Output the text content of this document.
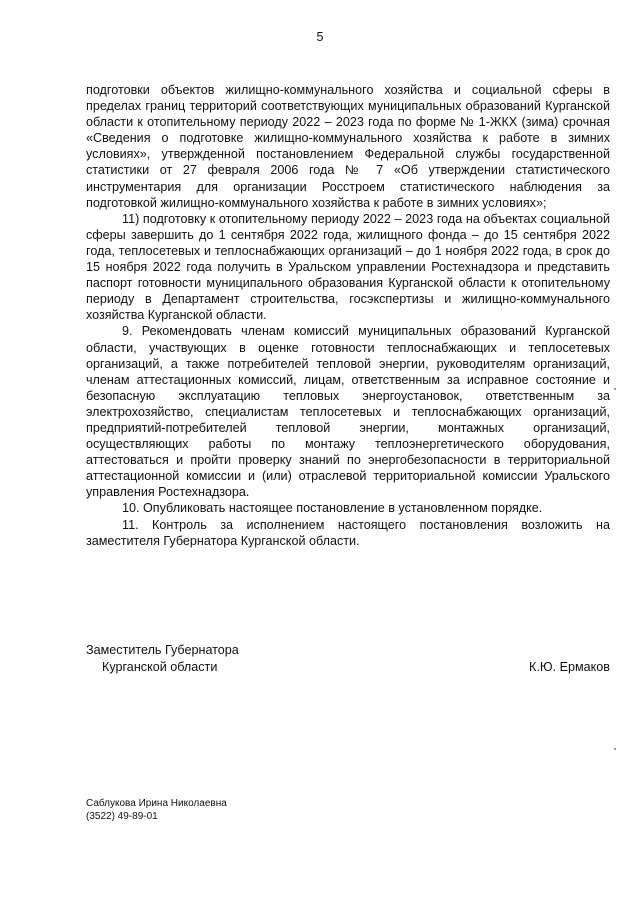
5

подготовки объектов жилищно-коммунального хозяйства и социальной сферы в пределах границ территорий соответствующих муниципальных образований Курганской области к отопительному периоду 2022 – 2023 года по форме № 1-ЖКХ (зима) срочная «Сведения о подготовке жилищно-коммунального хозяйства к работе в зимних условиях», утвержденной постановлением Федеральной службы государственной статистики от 27 февраля 2006 года № 7 «Об утверждении статистического инструментария для организации Росстроем статистического наблюдения за подготовкой жилищно-коммунального хозяйства к работе в зимних условиях»;

11) подготовку к отопительному периоду 2022 – 2023 года на объектах социальной сферы завершить до 1 сентября 2022 года, жилищного фонда – до 15 сентября 2022 года, теплосетевых и теплоснабжающих организаций – до 1 ноября 2022 года, в срок до 15 ноября 2022 года получить в Уральском управлении Ростехнадзора и представить паспорт готовности муниципального образования Курганской области к отопительному периоду в Департамент строительства, госэкспертизы и жилищно-коммунального хозяйства Курганской области.

9. Рекомендовать членам комиссий муниципальных образований Курганской области, участвующих в оценке готовности теплоснабжающих и теплосетевых организаций, а также потребителей тепловой энергии, руководителям организаций, членам аттестационных комиссий, лицам, ответственным за исправное состояние и безопасную эксплуатацию тепловых энергоустановок, ответственным за электрохозяйство, специалистам теплосетевых и теплоснабжающих организаций, предприятий-потребителей тепловой энергии, монтажных организаций, осуществляющих работы по монтажу теплоэнергетического оборудования, аттестоваться и пройти проверку знаний по энергобезопасности в территориальной аттестационной комиссии и (или) отраслевой территориальной комиссии Уральского управления Ростехнадзора.

10. Опубликовать настоящее постановление в установленном порядке.

11. Контроль за исполнением настоящего постановления возложить на заместителя Губернатора Курганской области.

Заместитель Губернатора
Курганской области	К.Ю. Ермаков
Саблукова Ирина Николаевна
(3522) 49-89-01
